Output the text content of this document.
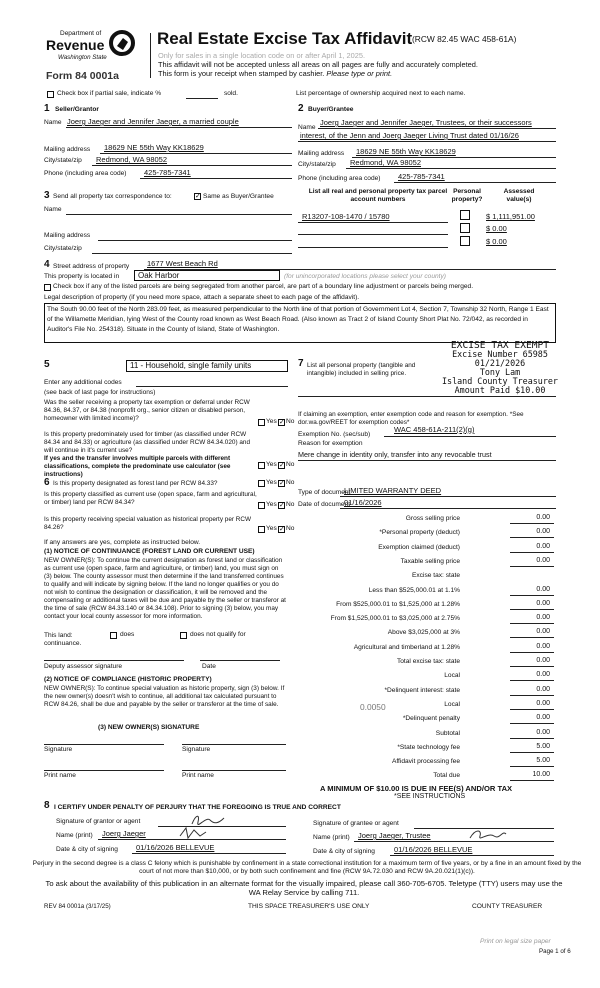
Department of
Revenue
Washington State
Form 84 0001a
Real Estate Excise Tax Affidavit (RCW 82.45 WAC 458-61A)
Only for sales in a single location code on or after April 1, 2025.
This affidavit will not be accepted unless all areas on all pages are fully and accurately completed.
This form is your receipt when stamped by cashier. Please type or print.
Check box if partial sale, indicate %	sold.	List percentage of ownership acquired next to each name.
1 Seller/Grantor
Name Joerg Jaeger and Jennifer Jaeger, a married couple
Mailing address 18629 NE 55th Way KK18629
City/state/zip Redmond, WA 98052
Phone (including area code) 425-785-7341
2 Buyer/Grantee
Name
Joerg Jaeger and Jennifer Jaeger, Trustees, or their successors
interest, of the Jenn and Joerg Jaeger Living Trust dated 01/16/26
Mailing address 18629 NE 55th Way KK18629
City/state/zip Redmond, WA 98052
Phone (including area code) 425-785-7341
3 Send all property tax correspondence to:	✓ Same as Buyer/Grantee
Name
Mailing address
City/state/zip
List all real and personal property tax parcel account numbers
Personal property?
Assessed value(s)
R13207-108-1470 / 15780	$ 1,111,951.00
$ 0.00
$ 0.00
4 Street address of property 1677 West Beach Rd
This property is located in	Oak Harbor	(for unincorporated locations please select your county)
Check box if any of the listed parcels are being segregated from another parcel, are part of a boundary line adjustment or parcels being merged.
Legal description of property (if you need more space, attach a separate sheet to each page of the affidavit).
The South 90.00 feet of the North 283.09 feet, as measured perpendicular to the North line of that portion of Government Lot 4, Section 7, Township 32 North, Range 1 East of the Willamette Meridian, lying West of the County road known as West Beach Road. (Also known as Tract 2 of Island County Short Plat No. 72/042, as recorded in Auditor's File No. 254318). Situate in the County of Island, State of Washington.
EXCISE TAX EXEMPT
Excise Number 65985
01/21/2026
Tony Lam
Island County Treasurer
Amount Paid $10.00
5	11 - Household, single family units
Enter any additional codes
(see back of last page for instructions)
Was the seller receiving a property tax exemption or deferral under RCW 84.36, 84.37, or 84.38 (nonprofit org., senior citizen or disabled person, homeowner with limited income)?	Yes ✓ No
Is this property predominately used for timber (as classified under RCW 84.34 and 84.33) or agriculture (as classified under RCW 84.34.020) and will continue in it's current use?
If yes and the transfer involves multiple parcels with different classifications, complete the predominate use calculator (see instructions)
Yes ✓ No
6 Is this property designated as forest land per RCW 84.33?	Yes ✓ No
Is this property classified as current use (open space, farm and agricultural, or timber) land per RCW 84.34?	Yes ✓ No
Is this property receiving special valuation as historical property per RCW 84.26?	Yes ✓ No
If any answers are yes, complete as instructed below.
(1) NOTICE OF CONTINUANCE (FOREST LAND OR CURRENT USE)
NEW OWNER(S): To continue the current designation as forest land or classification as current use (open space, farm and agriculture, or timber) land, you must sign on (3) below. The county assessor must then determine if the land transferred continues to qualify and will indicate by signing below. If the land no longer qualifies or you do not wish to continue the designation or classification, it will be removed and the compensating or additional taxes will be due and payable by the seller or transferor at the time of sale (RCW 84.33.140 or 84.34.108). Prior to signing (3) below, you may contact your local county assessor for more information.
This land:	does	does not qualify for
continuance.
Deputy assessor signature	Date
(2) NOTICE OF COMPLIANCE (HISTORIC PROPERTY)
NEW OWNER(S): To continue special valuation as historic property, sign (3) below. If the new owner(s) doesn't wish to continue, all additional tax calculated pursuant to RCW 84.26, shall be due and payable by the seller or transferor at the time of sale.
(3) NEW OWNER(S) SIGNATURE
Signature	Signature
Print name	Print name
7 List all personal property (tangible and intangible) included in selling price.
If claiming an exemption, enter exemption code and reason for exemption. *See dor.wa.gov/REET for exemption codes*
Exemption No. (sec/sub)
WAC 458-61A-211(2)(g)
Reason for exemption
Mere change in identity only, transfer into any revocable trust
Type of document
LIMITED WARRANTY DEED
Date of document
01/16/2026
Gross selling price	0.00
*Personal property (deduct)	0.00
Exemption claimed (deduct)	0.00
Taxable selling price	0.00
Excise tax: state
Less than $525,000.01 at 1.1%	0.00
From $525,000.01 to $1,525,000 at 1.28%	0.00
From $1,525,000.01 to $3,025,000 at 2.75%	0.00
Above $3,025,000 at 3%	0.00
Agricultural and timberland at 1.28%	0.00
Total excise tax: state	0.00
Local	0.00
*Delinquent interest: state	0.00
Local	0.00
*Delinquent penalty	0.00
Subtotal	0.00
*State technology fee	5.00
Affidavit processing fee	5.00
Total due	10.00
0.0050
A MINIMUM OF $10.00 IS DUE IN FEE(S) AND/OR TAX
*SEE INSTRUCTIONS
8 I CERTIFY UNDER PENALTY OF PERJURY THAT THE FOREGOING IS TRUE AND CORRECT
Signature of grantor or agent
Name (print) Joerg Jaeger
Date & city of signing 01/16/2026 BELLEVUE
Signature of grantee or agent
Name (print) Joerg Jaeger, Trustee
Date & city of signing	01/16/2026 BELLEVUE
Perjury in the second degree is a class C felony which is punishable by confinement in a state correctional institution for a maximum term of five years, or by a fine in an amount fixed by the court of not more than $10,000, or by both such confinement and fine (RCW 9A.72.030 and RCW 9A.20.021(1)(c)).
To ask about the availability of this publication in an alternate format for the visually impaired, please call 360-705-6705. Teletype (TTY) users may use the WA Relay Service by calling 711.
REV 84 0001a (3/17/25)	THIS SPACE TREASURER'S USE ONLY	COUNTY TREASURER
Print on legal size paper
Page 1 of 6
